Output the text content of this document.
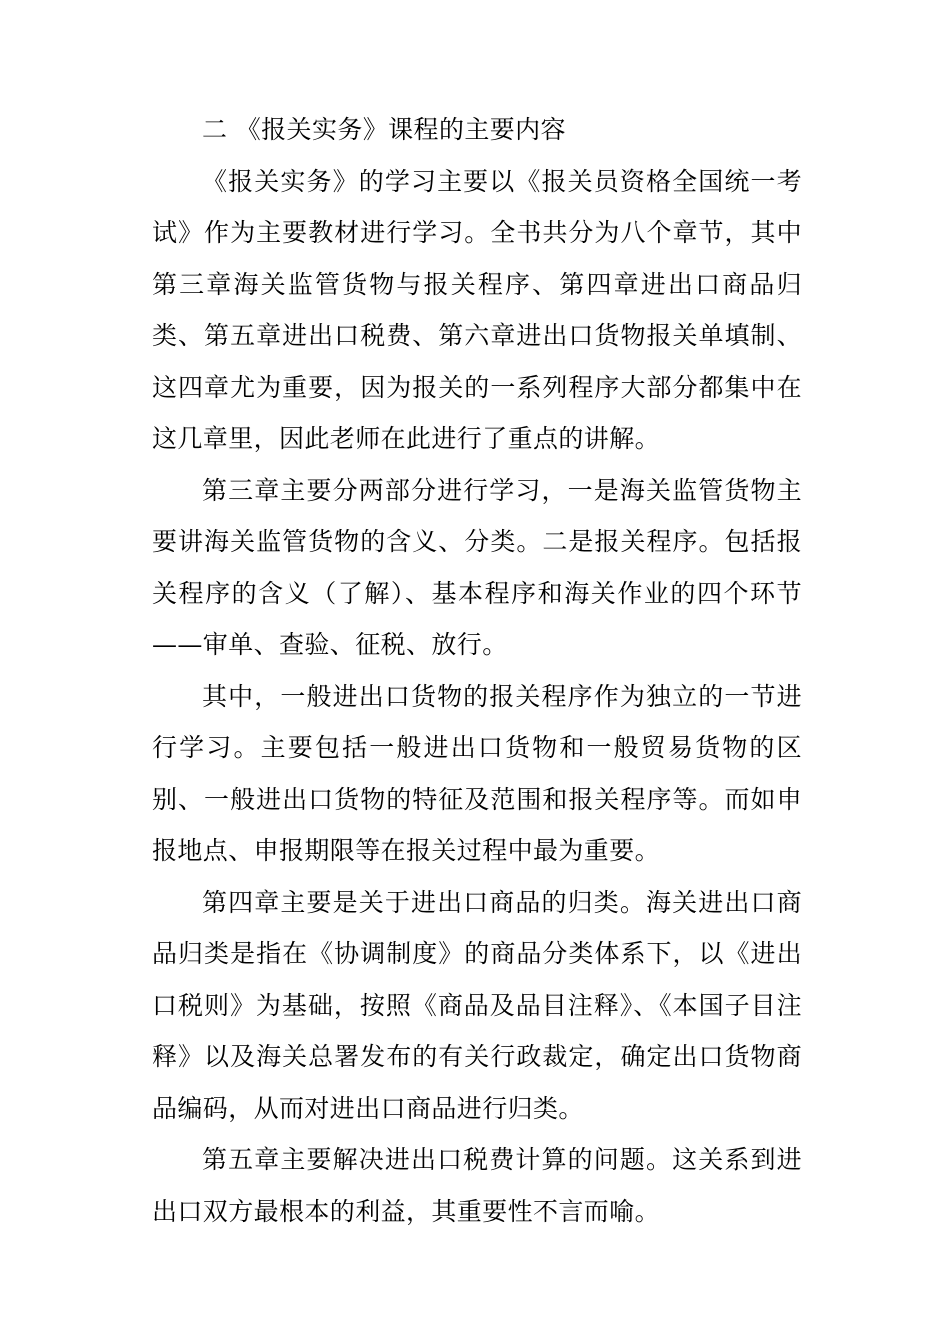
二 《报关实务》课程的主要内容

《报关实务》的学习主要以《报关员资格全国统一考试》作为主要教材进行学习。全书共分为八个章节，其中第三章海关监管货物与报关程序、第四章进出口商品归类、第五章进出口税费、第六章进出口货物报关单填制、这四章尤为重要，因为报关的一系列程序大部分都集中在这几章里，因此老师在此进行了重点的讲解。

第三章主要分两部分进行学习，一是海关监管货物主要讲海关监管货物的含义、分类。二是报关程序。包括报关程序的含义（了解）、基本程序和海关作业的四个环节——审单、查验、征税、放行。

其中，一般进出口货物的报关程序作为独立的一节进行学习。主要包括一般进出口货物和一般贸易货物的区别、一般进出口货物的特征及范围和报关程序等。而如申报地点、申报期限等在报关过程中最为重要。

第四章主要是关于进出口商品的归类。海关进出口商品归类是指在《协调制度》的商品分类体系下，以《进出口税则》为基础，按照《商品及品目注释》、《本国子目注释》以及海关总署发布的有关行政裁定，确定出口货物商品编码，从而对进出口商品进行归类。

第五章主要解决进出口税费计算的问题。这关系到进出口双方最根本的利益，其重要性不言而喻。
